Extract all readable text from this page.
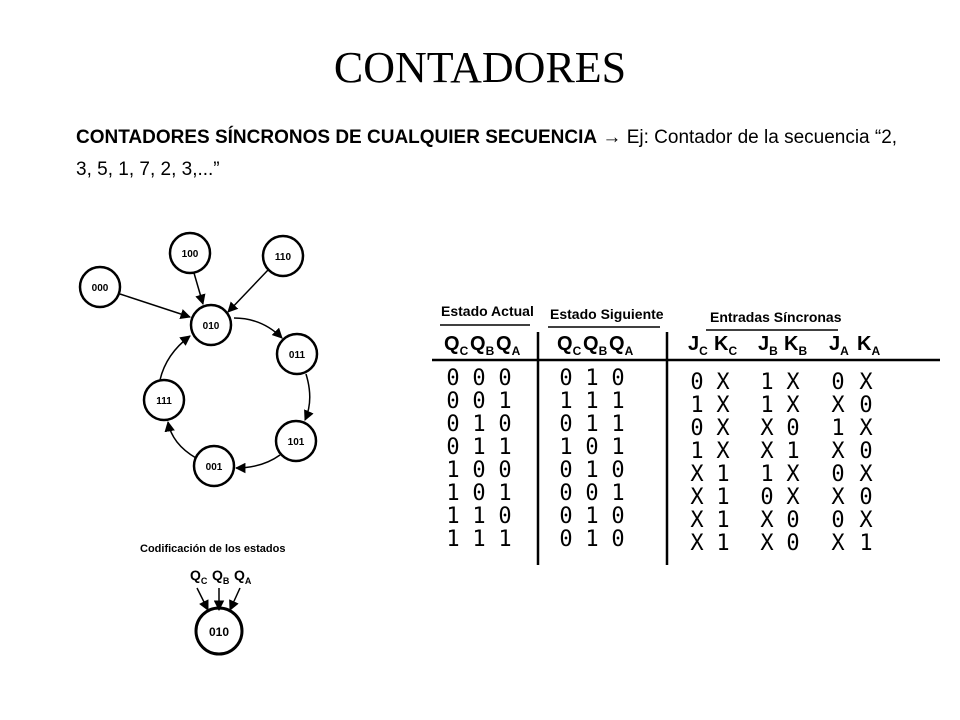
CONTADORES
CONTADORES SÍNCRONOS DE CUALQUIER SECUENCIA → Ej: Contador de la secuencia “2, 3, 5, 1, 7, 2, 3,...”
100	110
000
010
011
111
101
001
Codificación de los estados
$Q_C$ $Q_B$ $Q_A$
010
Estado Actual Estado Siguiente	Entradas Síncronas
$Q_C$ $Q_B$ $Q_A$ $Q_C$ $Q_B$ $Q_A$	$J_C$ $K_C$ $J_B$ $K_B$ $J_A$ $K_A$
0 0 0 0 1 0	0 X 1 X 0 X
0 0 1 1 1 1	1 X 1 X X 0
0 1 0 0 1 1	0 X X 0 1 X
0 1 1 1 0 1	1 X X 1 X 0
1 0 0 0 1 0	X 1 1 X 0 X
1 0 1 0 0 1	X 1 0 X X 0
1 1 0 0 1 0	X 1 X 0 0 X
1 1 1 0 1 0	X 1 X 0 X 1
